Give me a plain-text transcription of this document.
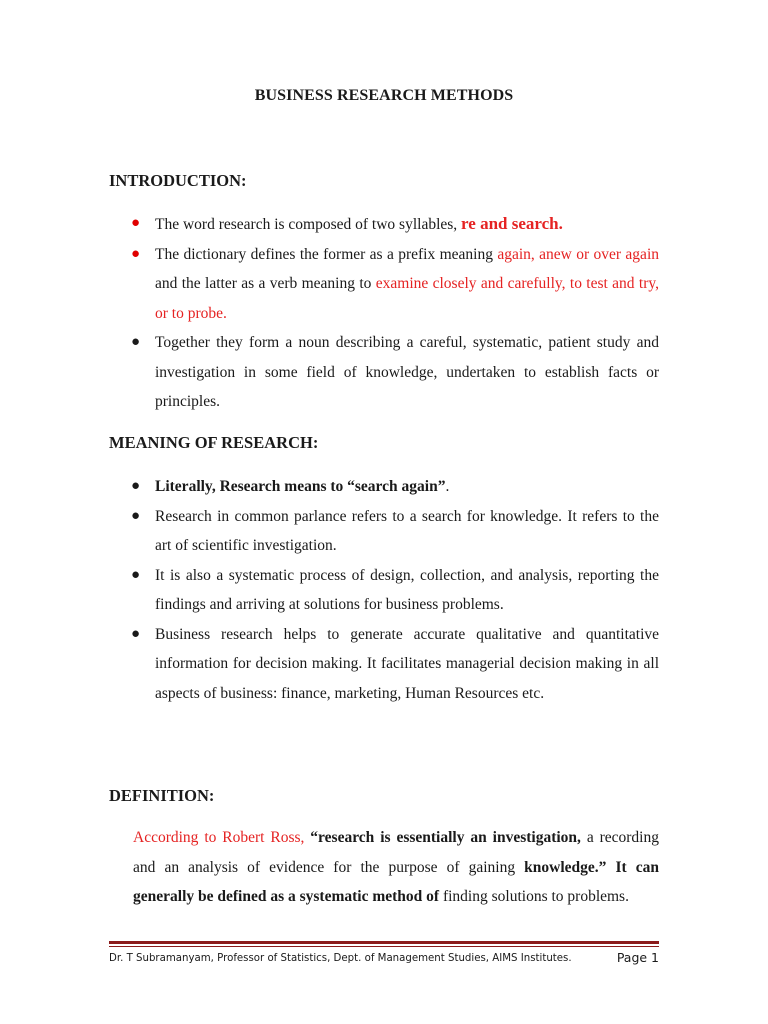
BUSINESS RESEARCH METHODS
INTRODUCTION:
● The word research is composed of two syllables, re and search.
● The dictionary defines the former as a prefix meaning again, anew or over again and the latter as a verb meaning to examine closely and carefully, to test and try, or to probe.
● Together they form a noun describing a careful, systematic, patient study and investigation in some field of knowledge, undertaken to establish facts or principles.
MEANING OF RESEARCH:
● Literally, Research means to “search again”.
● Research in common parlance refers to a search for knowledge. It refers to the art of scientific investigation.
● It is also a systematic process of design, collection, and analysis, reporting the findings and arriving at solutions for business problems.
● Business research helps to generate accurate qualitative and quantitative information for decision making. It facilitates managerial decision making in all aspects of business: finance, marketing, Human Resources etc.
DEFINITION:

According to Robert Ross, “research is essentially an investigation, a recording and an analysis of evidence for the purpose of gaining knowledge.” It can generally be defined as a systematic method of finding solutions to problems.

Dr. T Subramanyam, Professor of Statistics, Dept. of Management Studies, AIMS Institutes.	Page 1
